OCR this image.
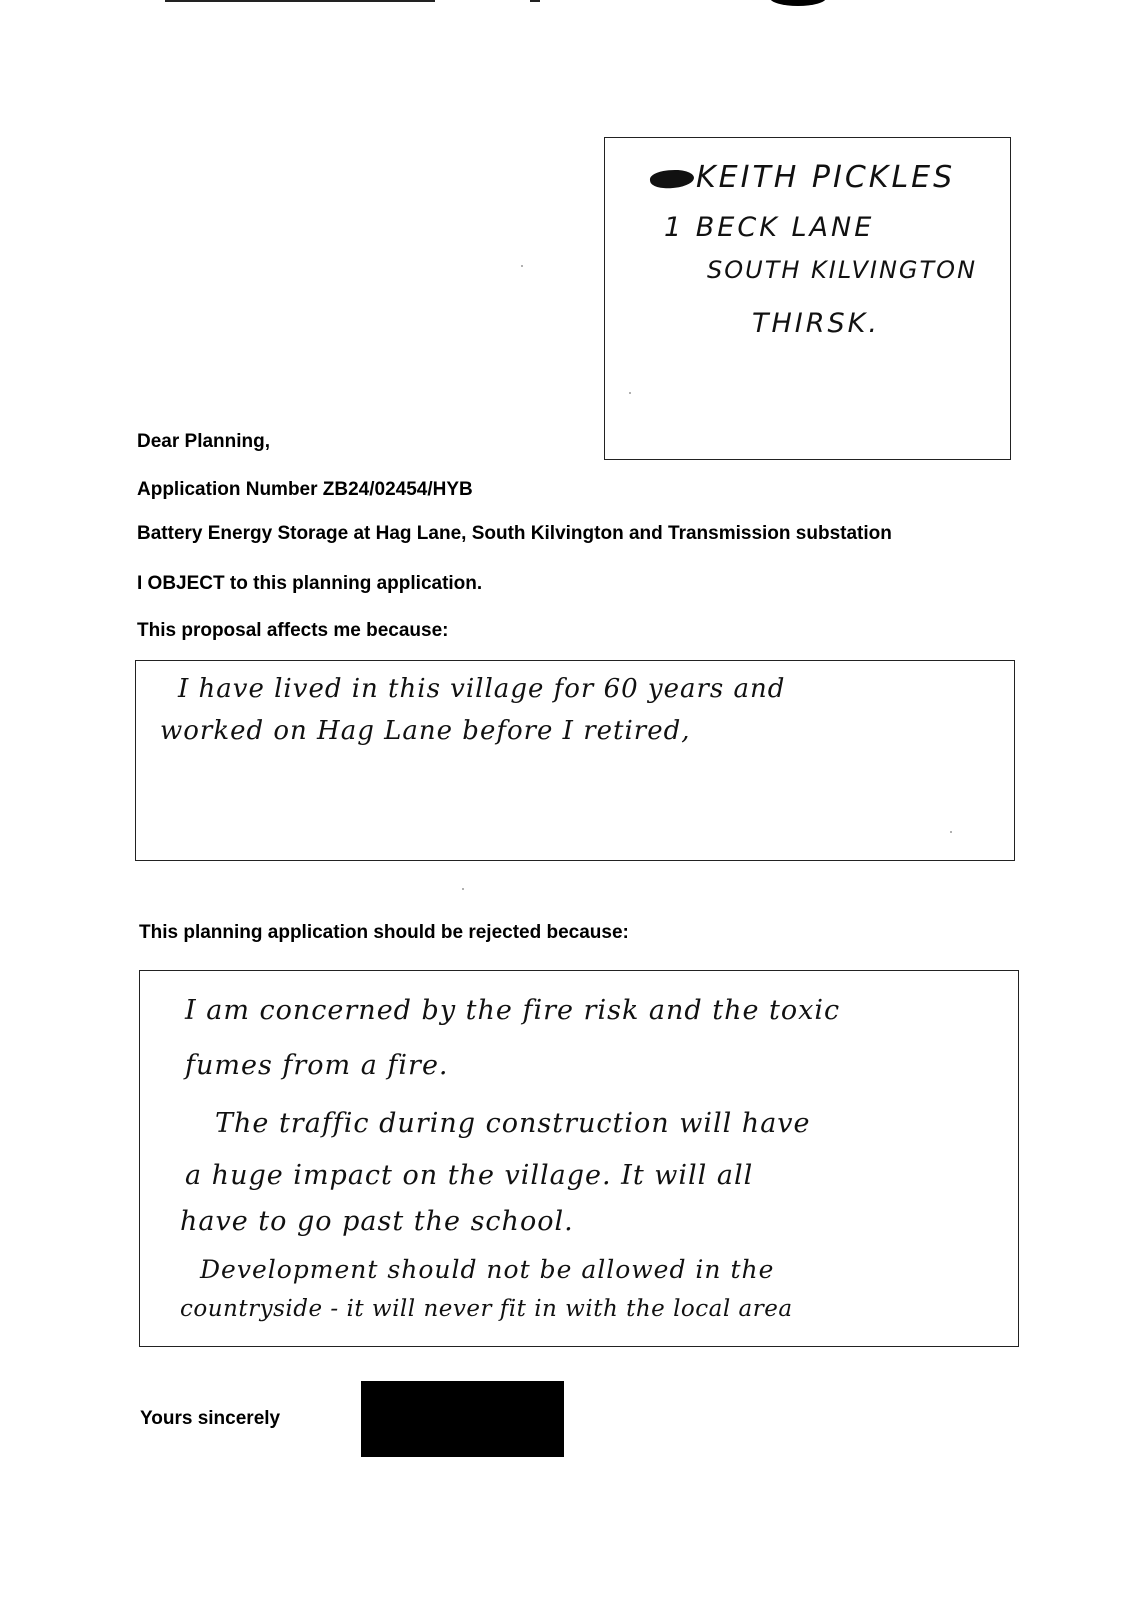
KEITH PICKLES
1 BECK LANE
SOUTH KILVINGTON
THIRSK.
Dear Planning,
Application Number ZB24/02454/HYB
Battery Energy Storage at Hag Lane, South Kilvington and Transmission substation
I OBJECT to this planning application.
This proposal affects me because:
I have lived in this village for 60 years and
worked on Hag Lane before I retired,
This planning application should be rejected because:
I am concerned by the fire risk and the toxic
fumes from a fire.
The traffic during construction will have
a huge impact on the village. It will all
have to go past the school.
Development should not be allowed in the
countryside - it will never fit in with the local area
Yours sincerely
